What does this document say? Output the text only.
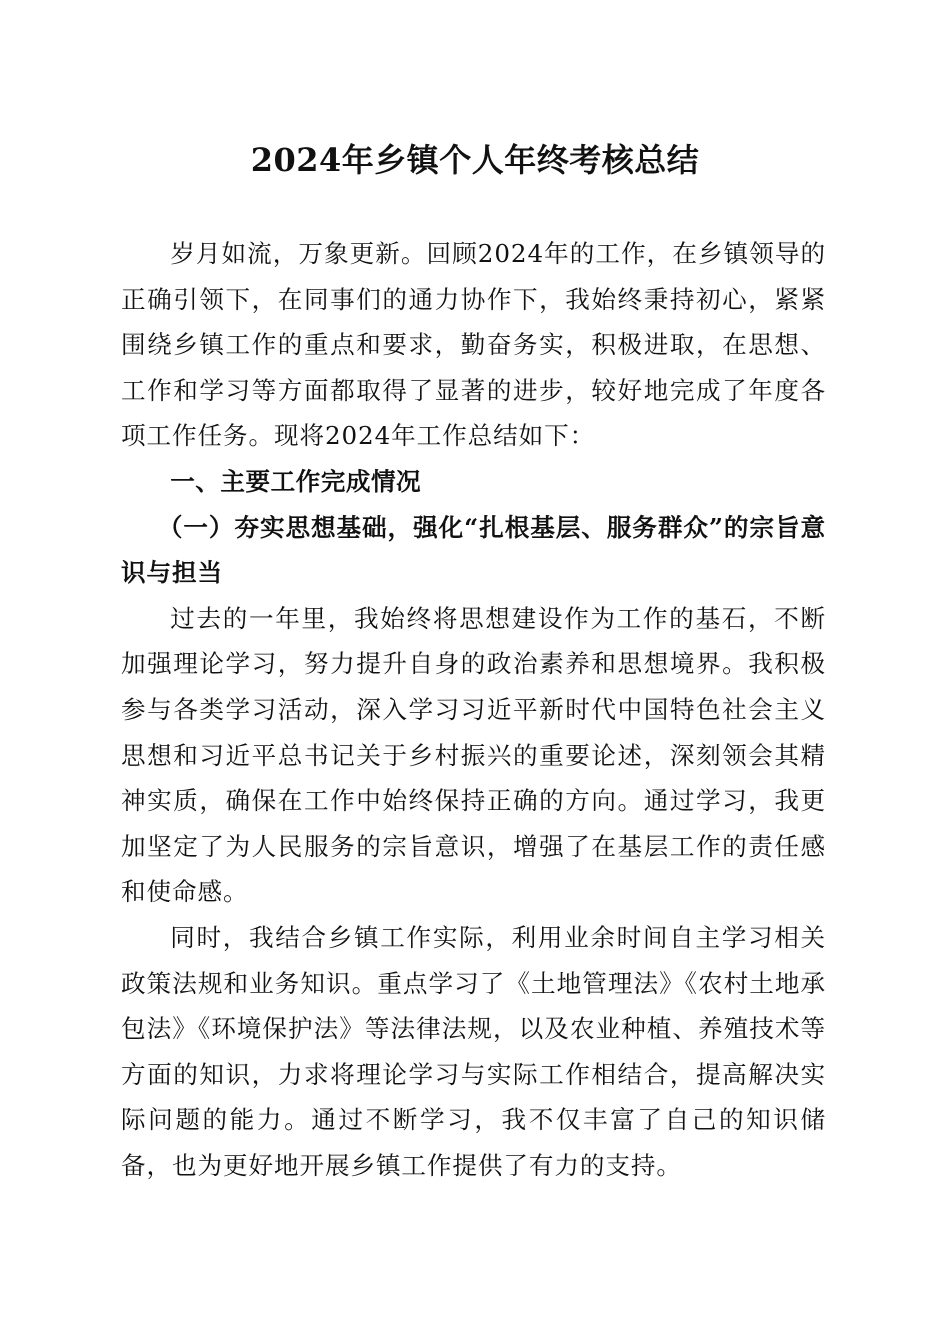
2024年乡镇个人年终考核总结

岁月如流，万象更新。回顾2024年的工作，在乡镇领导的正确引领下，在同事们的通力协作下，我始终秉持初心，紧紧围绕乡镇工作的重点和要求，勤奋务实，积极进取，在思想、工作和学习等方面都取得了显著的进步，较好地完成了年度各项工作任务。现将2024年工作总结如下：

一、主要工作完成情况

（一）夯实思想基础，强化“扎根基层、服务群众”的宗旨意识与担当

过去的一年里，我始终将思想建设作为工作的基石，不断加强理论学习，努力提升自身的政治素养和思想境界。我积极参与各类学习活动，深入学习习近平新时代中国特色社会主义思想和习近平总书记关于乡村振兴的重要论述，深刻领会其精神实质，确保在工作中始终保持正确的方向。通过学习，我更加坚定了为人民服务的宗旨意识，增强了在基层工作的责任感和使命感。

同时，我结合乡镇工作实际，利用业余时间自主学习相关政策法规和业务知识。重点学习了《土地管理法》《农村土地承包法》《环境保护法》等法律法规，以及农业种植、养殖技术等方面的知识，力求将理论学习与实际工作相结合，提高解决实际问题的能力。通过不断学习，我不仅丰富了自己的知识储备，也为更好地开展乡镇工作提供了有力的支持。
